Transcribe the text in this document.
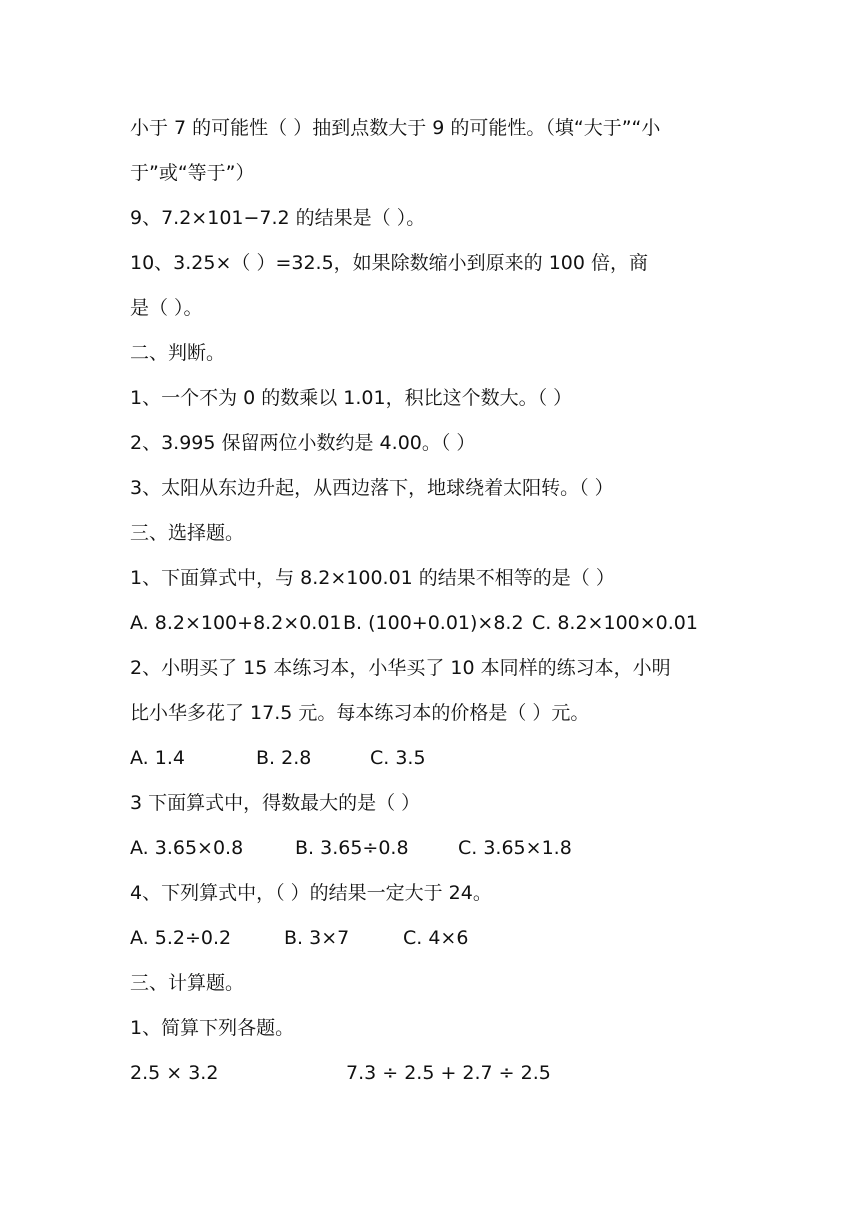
小于 7 的可能性（ ）抽到点数大于 9 的可能性。（填“大于”“小
于”或“等于”）
9、7.2×101−7.2 的结果是（ ）。
10、3.25×（ ）=32.5，如果除数缩小到原来的 100 倍，商
是（ ）。
二、判断。
1、一个不为 0 的数乘以 1.01，积比这个数大。（ ）
2、3.995 保留两位小数约是 4.00。（ ）
3、太阳从东边升起，从西边落下，地球绕着太阳转。（ ）
三、选择题。
1、下面算式中，与 8.2×100.01 的结果不相等的是（ ）
A. 8.2×100+8.2×0.01 B. (100+0.01)×8.2 C. 8.2×100×0.01
2、小明买了 15 本练习本，小华买了 10 本同样的练习本，小明
比小华多花了 17.5 元。每本练习本的价格是（ ）元。
A. 1.4	B. 2.8	C. 3.5
3 下面算式中，得数最大的是（ ）
A. 3.65×0.8	B. 3.65÷0.8	C. 3.65×1.8
4、下列算式中，（ ）的结果一定大于 24。
A. 5.2÷0.2	B. 3×7	C. 4×6
三、计算题。
1、简算下列各题。
2.5 × 3.2	7.3 ÷ 2.5 + 2.7 ÷ 2.5
